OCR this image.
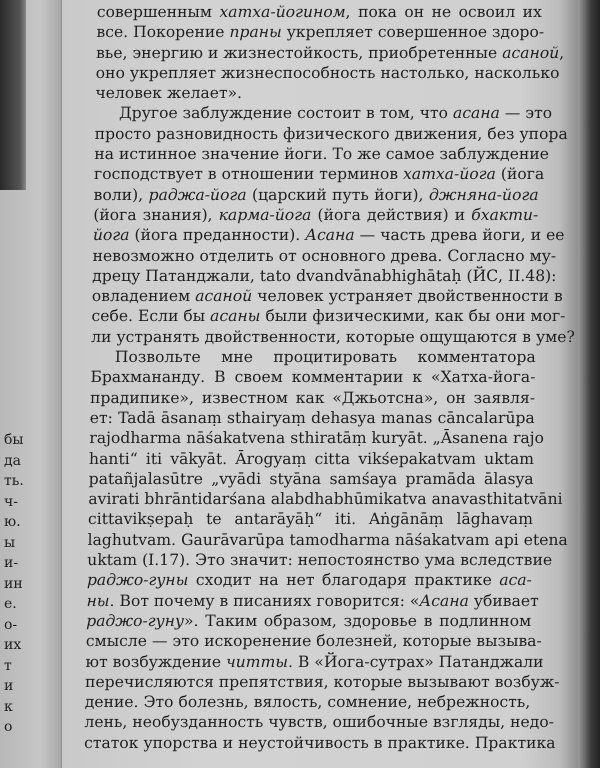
бы
да
ть.
ч-
ю.
ы
и-
ин
е.
о-
их
т
и
к
о
совершенным хатха-йогином, пока он не освоил их
все. Покорение праны укрепляет совершенное здоро-
вье, энергию и жизнестойкость, приобретенные асаной,
оно укрепляет жизнеспособность настолько, насколько
человек желает».
Другое заблуждение состоит в том, что асана — это
просто разновидность физического движения, без упора
на истинное значение йоги. То же самое заблуждение
господствует в отношении терминов хатха-йога (йога
воли), раджа-йога (царский путь йоги), джняна-йога
(йога знания), карма-йога (йога действия) и бхакти-
йога (йога преданности). Асана — часть древа йоги, и ее
невозможно отделить от основного древа. Согласно му-
дрецу Патанджали, tato dvandvānabhighātaḥ (ЙС, II.48):
овладением асаной человек устраняет двойственности в
себе. Если бы асаны были физическими, как бы они мог-
ли устранять двойственности, которые ощущаются в уме?
Позвольте мне процитировать комментатора
Брахмананду. В своем комментарии к «Хатха-йога-
прадипике», известном как «Джьотсна», он заявля-
ет: Tadā āsanaṃ sthairyaṃ dehasya manas cāncalarūpa
rajodharma nāśakatvena sthiratāṃ kuryāt. „Āsanena rajo
hanti“ iti vākyāt. Ārogyaṃ citta vikśepakatvam uktam
patañjalasūtre „vyādi styāna samśaya pramāda ālasya
avirati bhrāntidarśana alabdhabhūmikatva anavasthitatvāni
cittavikṣepaḥ te antarāyāḥ“ iti. Aṅgānāṃ lāghavaṃ
laghutvam. Gaurāvarūpa tamodharma nāśakatvam api etena
uktam (I.17). Это значит: непостоянство ума вследствие
раджо-гуны сходит на нет благодаря практике аса-
ны. Вот почему в писаниях говорится: «Асана убивает
раджо-гуну». Таким образом, здоровье в подлинном
смысле — это искоренение болезней, которые вызыва-
ют возбуждение читты. В «Йога-сутрах» Патанджали
перечисляются препятствия, которые вызывают возбуж-
дение. Это болезнь, вялость, сомнение, небрежность,
лень, необузданность чувств, ошибочные взгляды, недо-
статок упорства и неустойчивость в практике. Практика
